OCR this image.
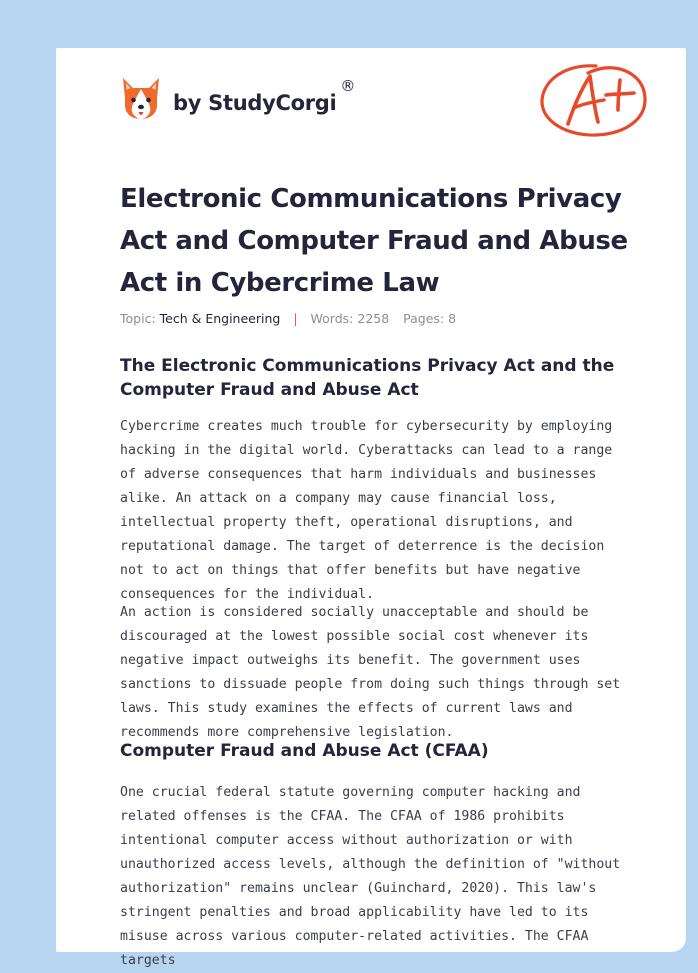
by StudyCorgi
®
Electronic Communications Privacy Act and Computer Fraud and Abuse Act in Cybercrime Law
Topic: Tech & Engineering | Words: 2258 Pages: 8
The Electronic Communications Privacy Act and the Computer Fraud and Abuse Act

Cybercrime creates much trouble for cybersecurity by employing hacking in the digital world. Cyberattacks can lead to a range of adverse consequences that harm individuals and businesses alike. An attack on a company may cause financial loss, intellectual property theft, operational disruptions, and reputational damage. The target of deterrence is the decision not to act on things that offer benefits but have negative consequences for the individual.

An action is considered socially unacceptable and should be discouraged at the lowest possible social cost whenever its negative impact outweighs its benefit. The government uses sanctions to dissuade people from doing such things through set laws. This study examines the effects of current laws and recommends more comprehensive legislation.

Computer Fraud and Abuse Act (CFAA)

One crucial federal statute governing computer hacking and related offenses is the CFAA. The CFAA of 1986 prohibits intentional computer access without authorization or with unauthorized access levels, although the definition of "without authorization" remains unclear (Guinchard, 2020). This law's stringent penalties and broad applicability have led to its misuse across various computer-related activities. The CFAA targets
